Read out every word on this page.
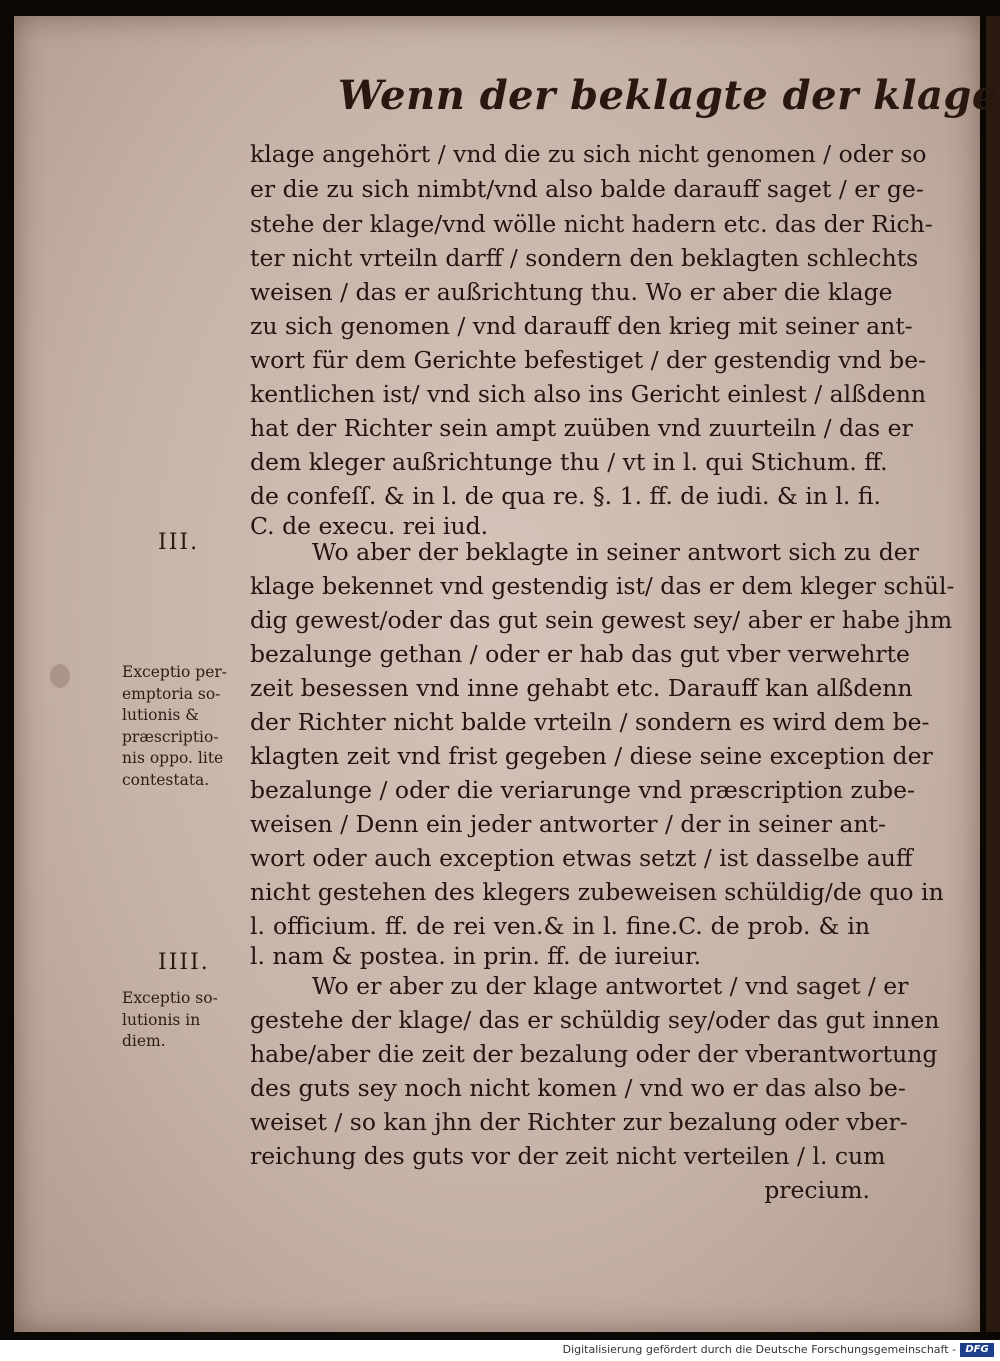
Wenn der beklagte der klage
klage angehört / vnd die zu sich nicht genomen / oder so
er die zu sich nimbt/vnd also balde darauff saget / er ge-
stehe der klage/vnd wölle nicht hadern etc. das der Rich-
ter nicht vrteiln darff / sondern den beklagten schlechts
weisen / das er außrichtung thu. Wo er aber die klage
zu sich genomen / vnd darauff den krieg mit seiner ant-
wort für dem Gerichte befestiget / der gestendig vnd be-
kentlichen ist/ vnd sich also ins Gericht einlest / alßdenn
hat der Richter sein ampt zuüben vnd zuurteiln / das er
dem kleger außrichtunge thu / vt in l. qui Stichum. ff.
de confeſſ. & in l. de qua re. §. 1. ff. de iudi. & in l. fi.
C. de execu. rei iud.
Wo aber der beklagte in seiner antwort sich zu der
klage bekennet vnd gestendig ist/ das er dem kleger schül-
dig gewest/oder das gut sein gewest sey/ aber er habe jhm
bezalunge gethan / oder er hab das gut vber verwehrte
zeit besessen vnd inne gehabt etc. Darauff kan alßdenn
der Richter nicht balde vrteiln / sondern es wird dem be-
klagten zeit vnd frist gegeben / diese seine exception der
bezalunge / oder die veriarunge vnd præscription zube-
weisen / Denn ein jeder antworter / der in seiner ant-
wort oder auch exception etwas setzt / ist dasselbe auff
nicht gestehen des klegers zubeweisen schüldig/de quo in
l. officium. ff. de rei ven.& in l. fine.C. de prob. & in
l. nam & postea. in prin. ff. de iureiur.
Wo er aber zu der klage antwortet / vnd saget / er
gestehe der klage/ das er schüldig sey/oder das gut innen
habe/aber die zeit der bezalung oder der vberantwortung
des guts sey noch nicht komen / vnd wo er das also be-
weiset / so kan jhn der Richter zur bezalung oder vber-
reichung des guts vor der zeit nicht verteilen / l. cum
precium.
III.
Exceptio per-
emptoria so-
lutionis &
præscriptio-
nis oppo. lite
contestata.
IIII.
Exceptio so-
lutionis in
diem.
Digitalisierung gefördert durch die Deutsche Forschungsgemeinschaft - DFG
